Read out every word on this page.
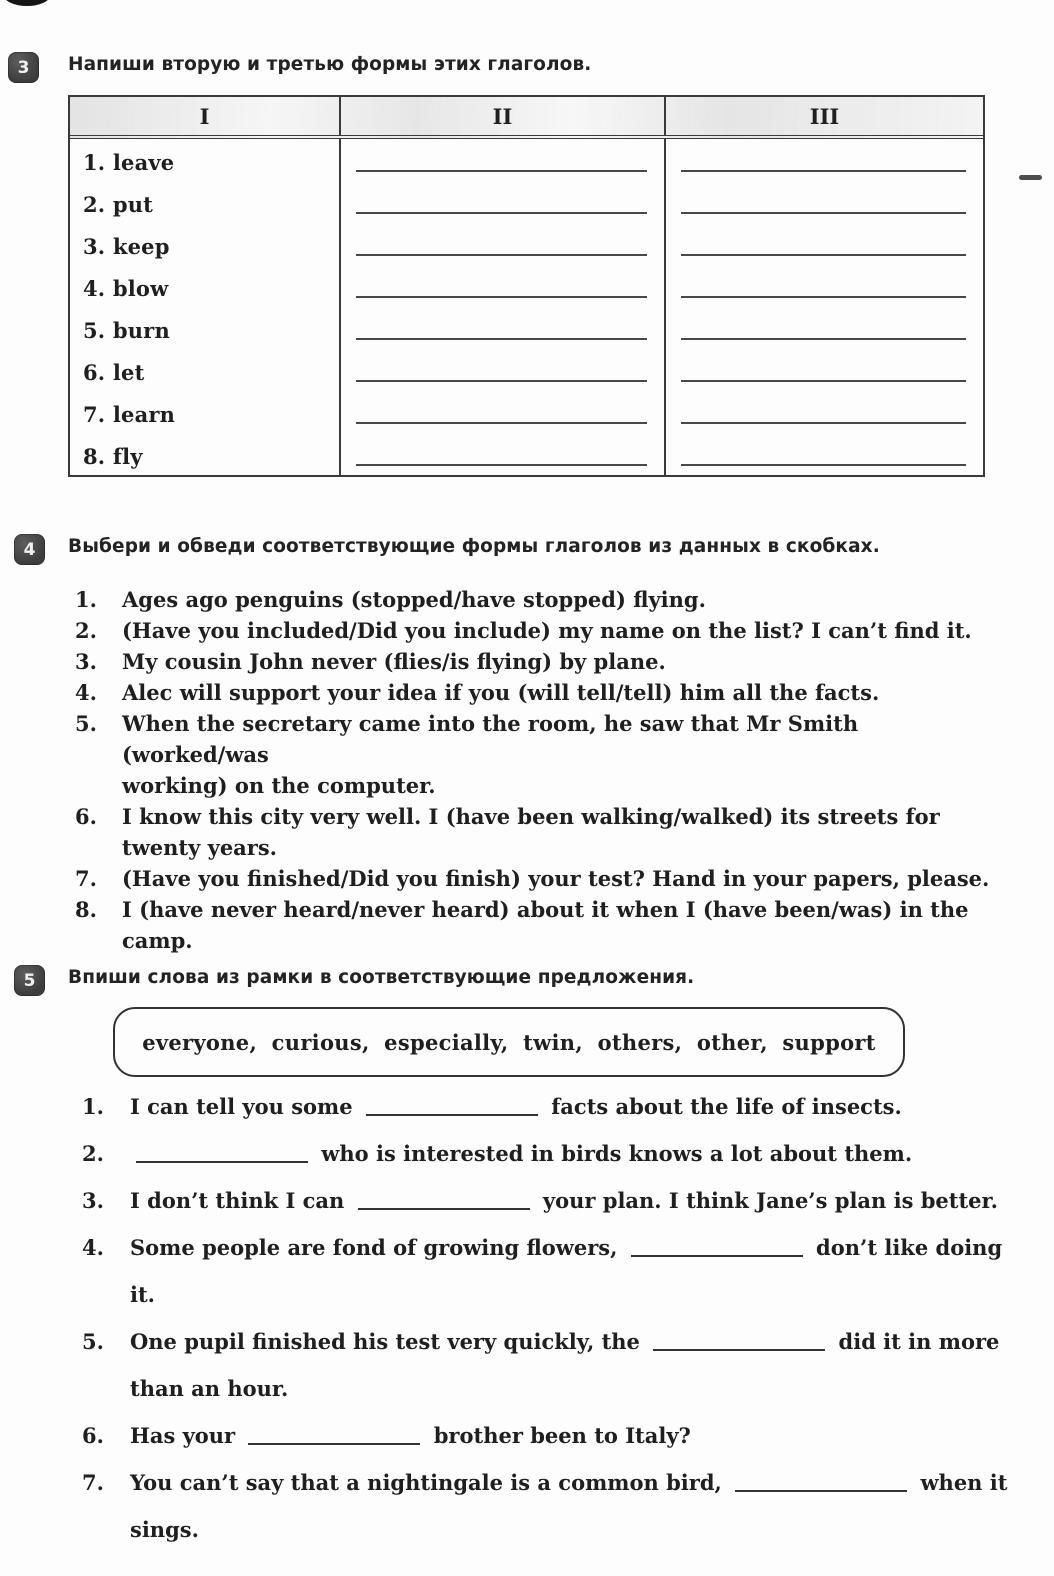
3	Напиши вторую и третью формы этих глаголов.
I	II	III
1. leave
2. put
3. keep
4. blow
5. burn
6. let
7. learn
8. fly
4	Выбери и обведи соответствующие формы глаголов из данных в скобках.
1.	Ages ago penguins (stopped/have stopped) flying.
2.	(Have you included/Did you include) my name on the list? I can’t find it.
3.	My cousin John never (flies/is flying) by plane.
4.	Alec will support your idea if you (will tell/tell) him all the facts.
5.	When the secretary came into the room, he saw that Mr Smith (worked/was
working) on the computer.
6.	I know this city very well. I (have been walking/walked) its streets for
twenty years.
7.	(Have you finished/Did you finish) your test? Hand in your papers, please.
8.	I (have never heard/never heard) about it when I (have been/was) in the
camp.
5	Впиши слова из рамки в соответствующие предложения.
everyone, curious, especially, twin, others, other, support
1.	I can tell you some	facts about the life of insects.
2.	who is interested in birds knows a lot about them.
3.	I don’t think I can	your plan. I think Jane’s plan is better.
4.	Some people are fond of growing flowers,	don’t like doing
it.
5.	One pupil finished his test very quickly, the	did it in more
than an hour.
6.	Has your	brother been to Italy?
7.	You can’t say that a nightingale is a common bird,	when it
sings.
